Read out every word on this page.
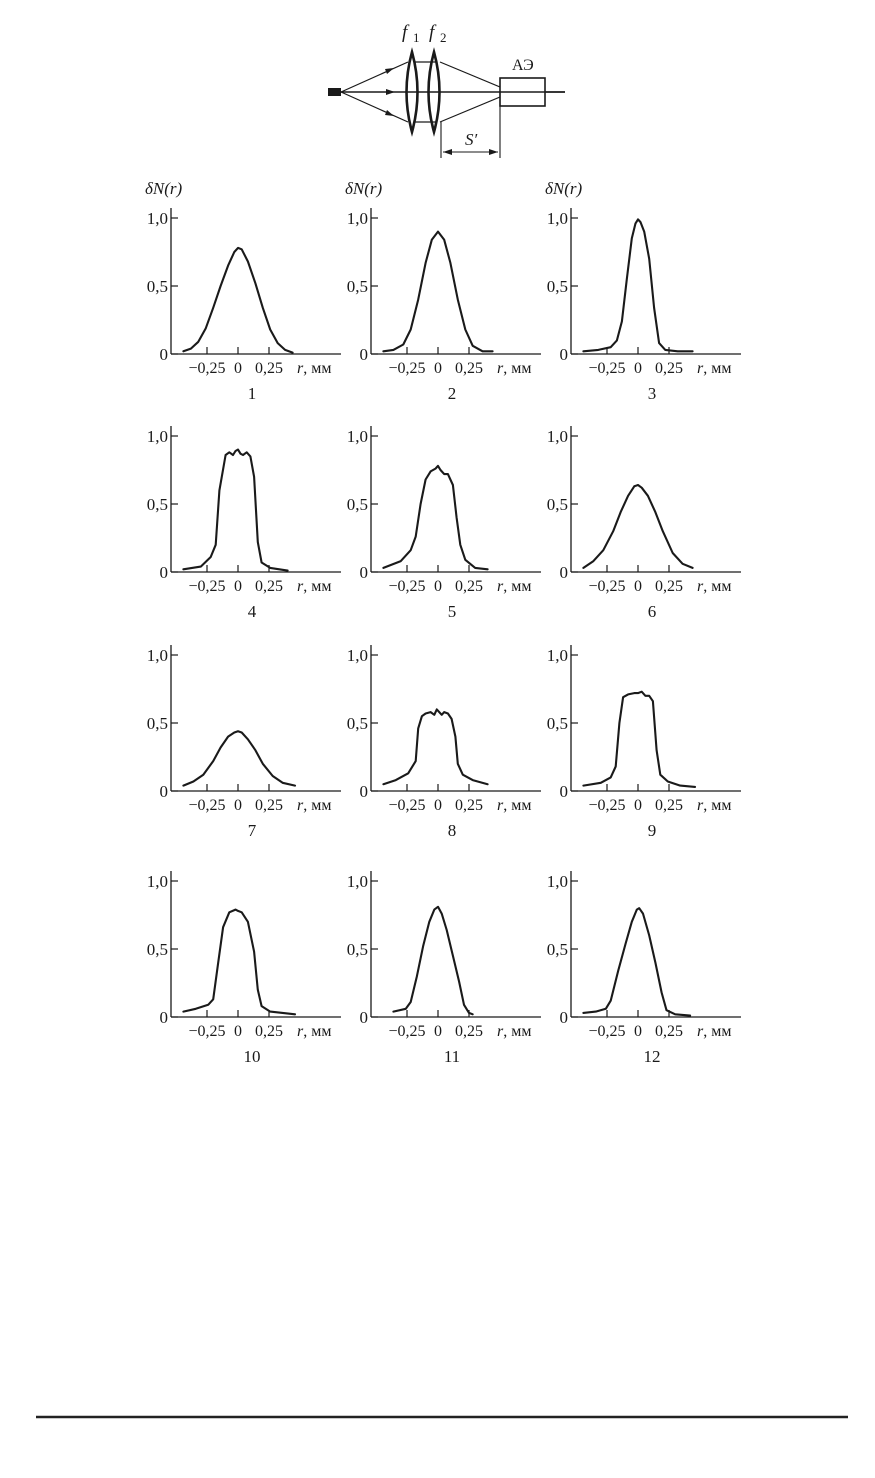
АЭ
f 1 f 2
S′
1,0
0,5
0
−0,25 0 0,25 r, мм
δN(r)
1
1,0
0,5
0
−0,25 0 0,25 r, мм
δN(r)
2
1,0
0,5
0
−0,25 0 0,25 r, мм
δN(r)
3
1,0
0,5
0
−0,25 0 0,25 r, мм
4
1,0
0,5
0
−0,25 0 0,25 r, мм
5
1,0
0,5
0
−0,25 0 0,25 r, мм
6
1,0
0,5
0
−0,25 0 0,25 r, мм
7
1,0
0,5
0
−0,25 0 0,25 r, мм
8
1,0
0,5
0
−0,25 0 0,25 r, мм
9
1,0
0,5
0
−0,25 0 0,25 r, мм
10
1,0
0,5
0
−0,25 0 0,25 r, мм
11
1,0
0,5
0
−0,25 0 0,25 r, мм
12
